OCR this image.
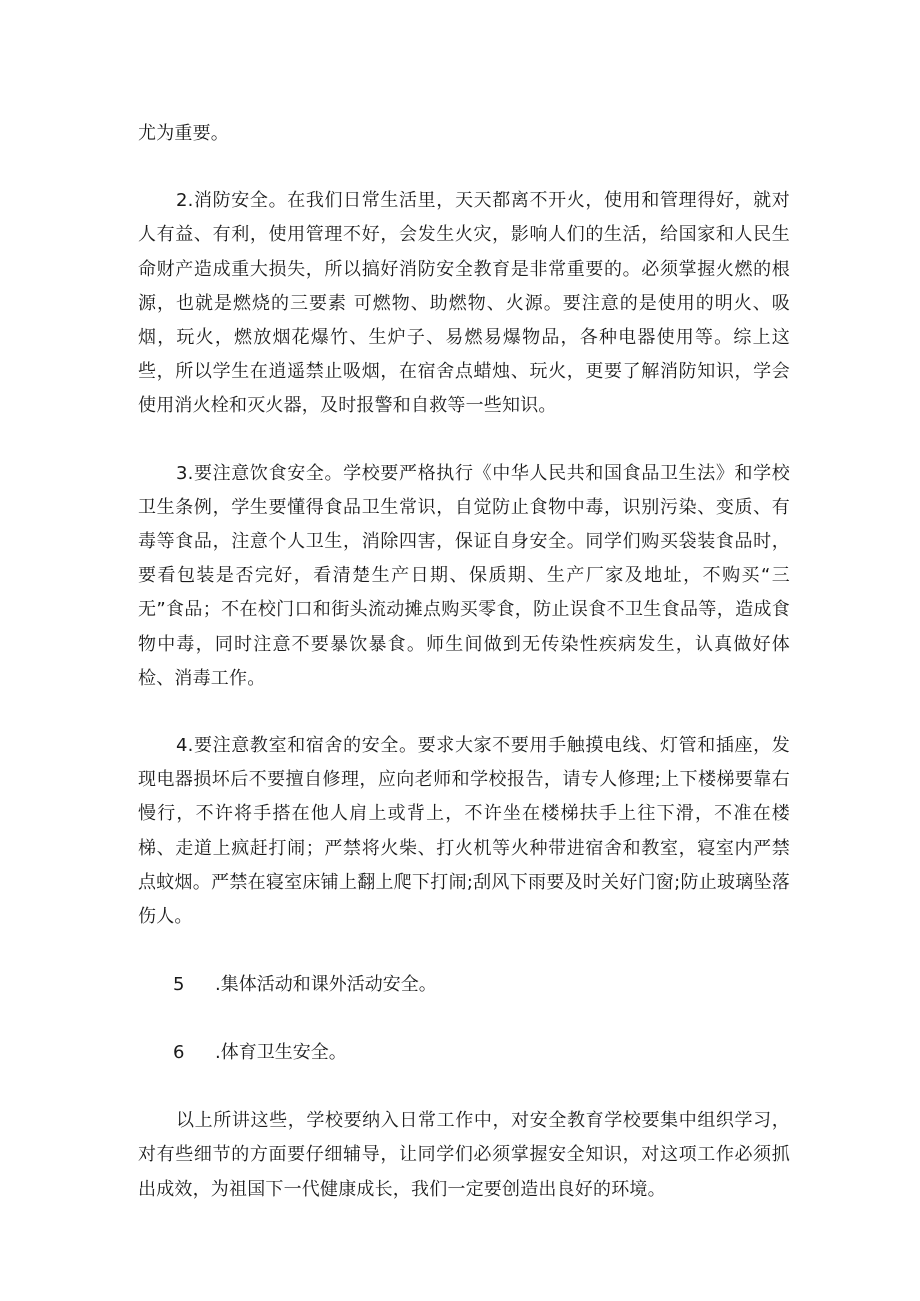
尤为重要。

2.消防安全。在我们日常生活里，天天都离不开火，使用和管理得好，就对人有益、有利，使用管理不好，会发生火灾，影响人们的生活，给国家和人民生命财产造成重大损失，所以搞好消防安全教育是非常重要的。必须掌握火燃的根源，也就是燃烧的三要素 可燃物、助燃物、火源。要注意的是使用的明火、吸烟，玩火，燃放烟花爆竹、生炉子、易燃易爆物品，各种电器使用等。综上这些，所以学生在逍遥禁止吸烟，在宿舍点蜡烛、玩火，更要了解消防知识，学会使用消火栓和灭火器，及时报警和自救等一些知识。

3.要注意饮食安全。学校要严格执行《中华人民共和国食品卫生法》和学校卫生条例，学生要懂得食品卫生常识，自觉防止食物中毒，识别污染、变质、有毒等食品，注意个人卫生，消除四害，保证自身安全。同学们购买袋装食品时，要看包装是否完好，看清楚生产日期、保质期、生产厂家及地址，不购买“三无”食品；不在校门口和街头流动摊点购买零食，防止误食不卫生食品等，造成食物中毒，同时注意不要暴饮暴食。师生间做到无传染性疾病发生，认真做好体检、消毒工作。

4.要注意教室和宿舍的安全。要求大家不要用手触摸电线、灯管和插座，发现电器损坏后不要擅自修理，应向老师和学校报告，请专人修理;上下楼梯要靠右慢行，不许将手搭在他人肩上或背上，不许坐在楼梯扶手上往下滑，不准在楼梯、走道上疯赶打闹；严禁将火柴、打火机等火种带进宿舍和教室，寝室内严禁点蚊烟。严禁在寝室床铺上翻上爬下打闹;刮风下雨要及时关好门窗;防止玻璃坠落伤人。

5 .集体活动和课外活动安全。
6 .体育卫生安全。

以上所讲这些，学校要纳入日常工作中，对安全教育学校要集中组织学习，对有些细节的方面要仔细辅导，让同学们必须掌握安全知识，对这项工作必须抓出成效，为祖国下一代健康成长，我们一定要创造出良好的环境。
